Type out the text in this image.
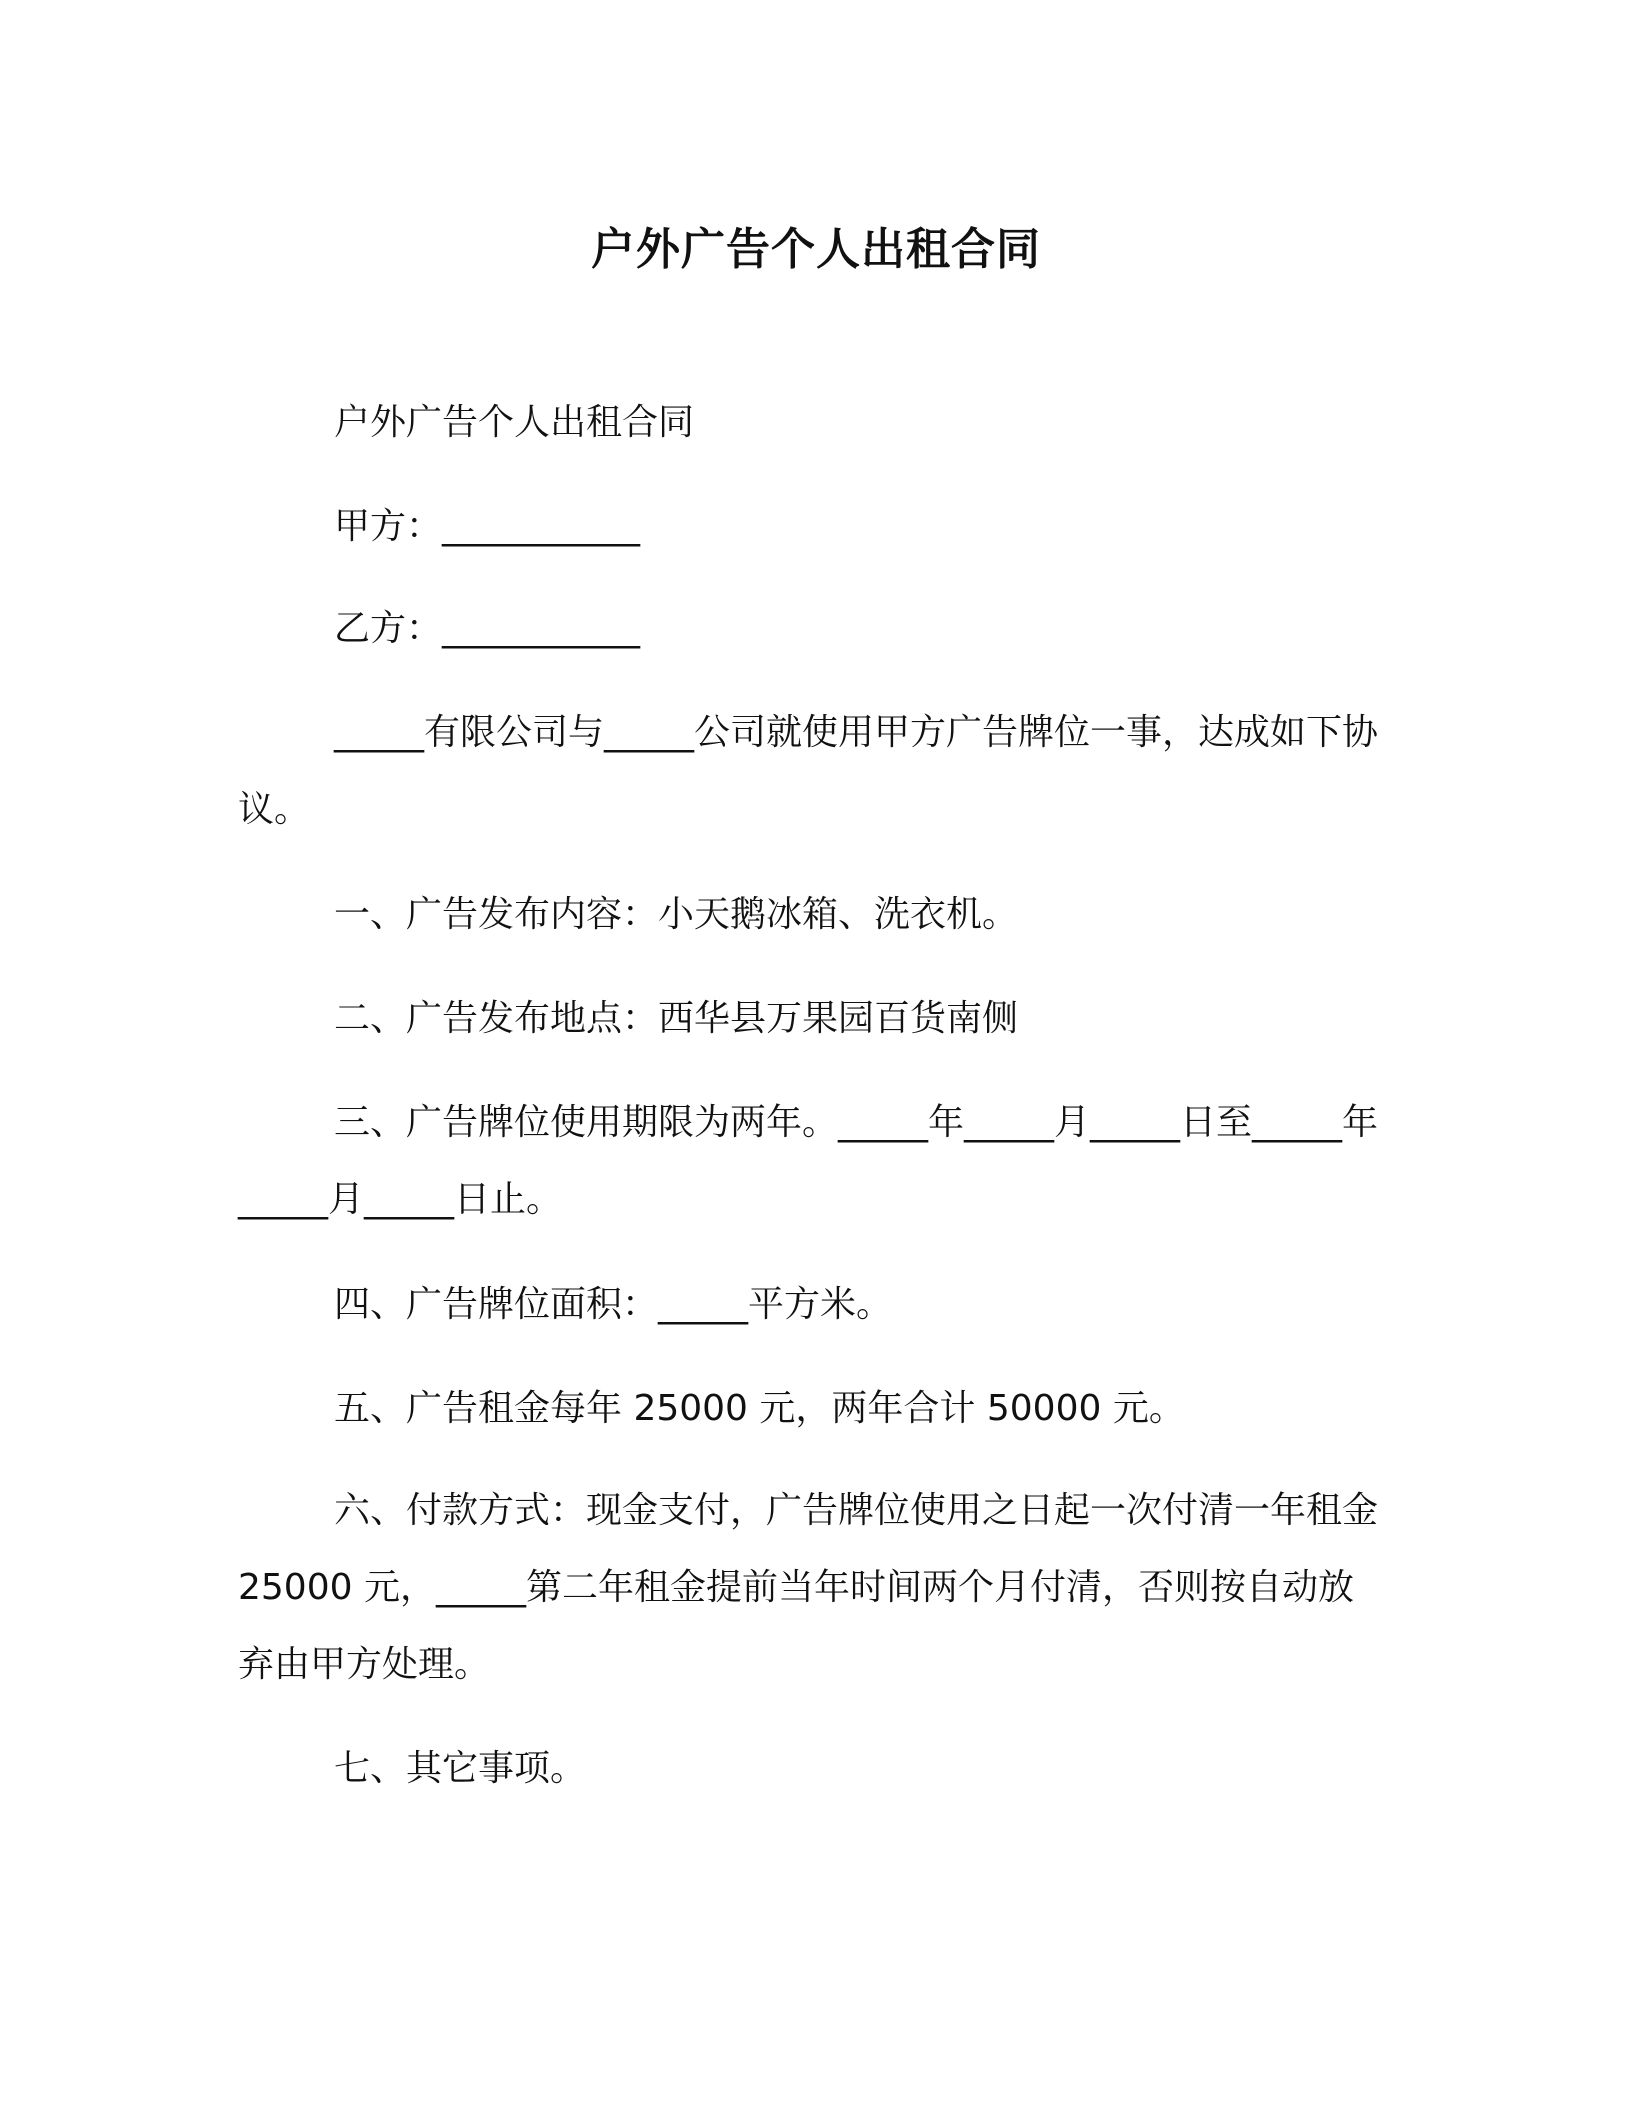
户外广告个人出租合同
户外广告个人出租合同
甲方：___________
乙方：___________
_____有限公司与_____公司就使用甲方广告牌位一事，达成如下协议。
一、广告发布内容：小天鹅冰箱、洗衣机。
二、广告发布地点：西华县万果园百货南侧
三、广告牌位使用期限为两年。_____年_____月_____日至_____年_____月_____日止。
四、广告牌位面积：_____平方米。
五、广告租金每年 25000 元，两年合计 50000 元。
六、付款方式：现金支付，广告牌位使用之日起一次付清一年租金 25000 元，_____第二年租金提前当年时间两个月付清，否则按自动放弃由甲方处理。
七、其它事项。
